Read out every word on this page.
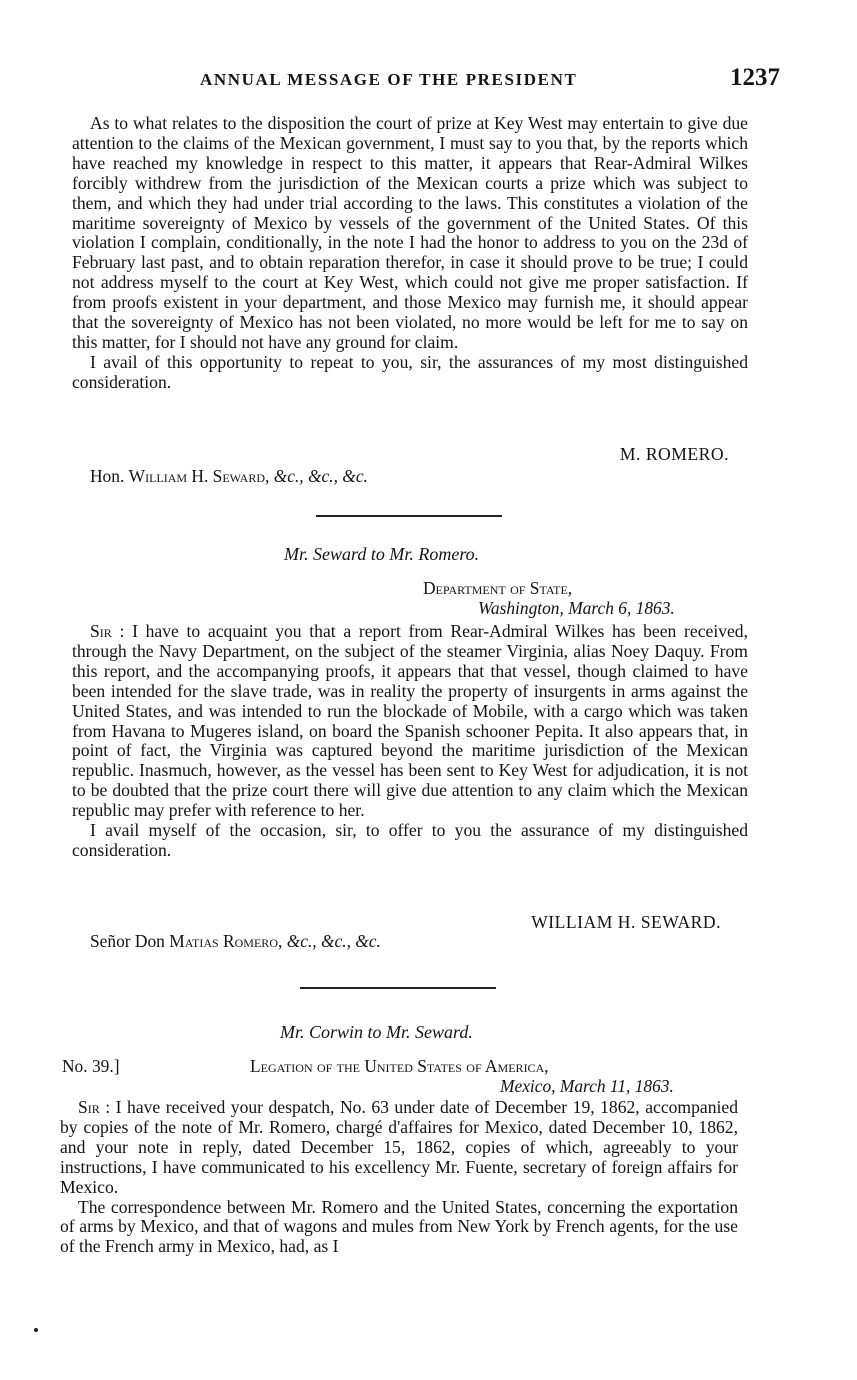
ANNUAL MESSAGE OF THE PRESIDENT	1237

As to what relates to the disposition the court of prize at Key West may entertain to give due attention to the claims of the Mexican government, I must say to you that, by the reports which have reached my knowledge in respect to this matter, it appears that Rear-Admiral Wilkes forcibly withdrew from the jurisdiction of the Mexican courts a prize which was subject to them, and which they had under trial according to the laws. This constitutes a violation of the maritime sovereignty of Mexico by vessels of the government of the United States. Of this violation I complain, conditionally, in the note I had the honor to address to you on the 23d of February last past, and to obtain reparation therefor, in case it should prove to be true; I could not address myself to the court at Key West, which could not give me proper satisfaction. If from proofs existent in your department, and those Mexico may furnish me, it should appear that the sovereignty of Mexico has not been violated, no more would be left for me to say on this matter, for I should not have any ground for claim.

I avail of this opportunity to repeat to you, sir, the assurances of my most distinguished consideration.

M. ROMERO.
Hon. William H. Seward, &c., &c., &c.
Mr. Seward to Mr. Romero.
Department of State,
Washington, March 6, 1863.

Sir : I have to acquaint you that a report from Rear-Admiral Wilkes has been received, through the Navy Department, on the subject of the steamer Virginia, alias Noey Daquy. From this report, and the accompanying proofs, it appears that that vessel, though claimed to have been intended for the slave trade, was in reality the property of insurgents in arms against the United States, and was intended to run the blockade of Mobile, with a cargo which was taken from Havana to Mugeres island, on board the Spanish schooner Pepita. It also appears that, in point of fact, the Virginia was captured beyond the maritime jurisdiction of the Mexican republic. Inasmuch, however, as the vessel has been sent to Key West for adjudication, it is not to be doubted that the prize court there will give due attention to any claim which the Mexican republic may prefer with reference to her.

I avail myself of the occasion, sir, to offer to you the assurance of my distinguished consideration.

WILLIAM H. SEWARD.
Señor Don Matias Romero, &c., &c., &c.
Mr. Corwin to Mr. Seward.
No. 39.]	Legation of the United States of America,
Mexico, March 11, 1863.

Sir : I have received your despatch, No. 63 under date of December 19, 1862, accompanied by copies of the note of Mr. Romero, chargé d'affaires for Mexico, dated December 10, 1862, and your note in reply, dated December 15, 1862, copies of which, agreeably to your instructions, I have communicated to his excellency Mr. Fuente, secretary of foreign affairs for Mexico.

The correspondence between Mr. Romero and the United States, concerning the exportation of arms by Mexico, and that of wagons and mules from New York by French agents, for the use of the French army in Mexico, had, as I
